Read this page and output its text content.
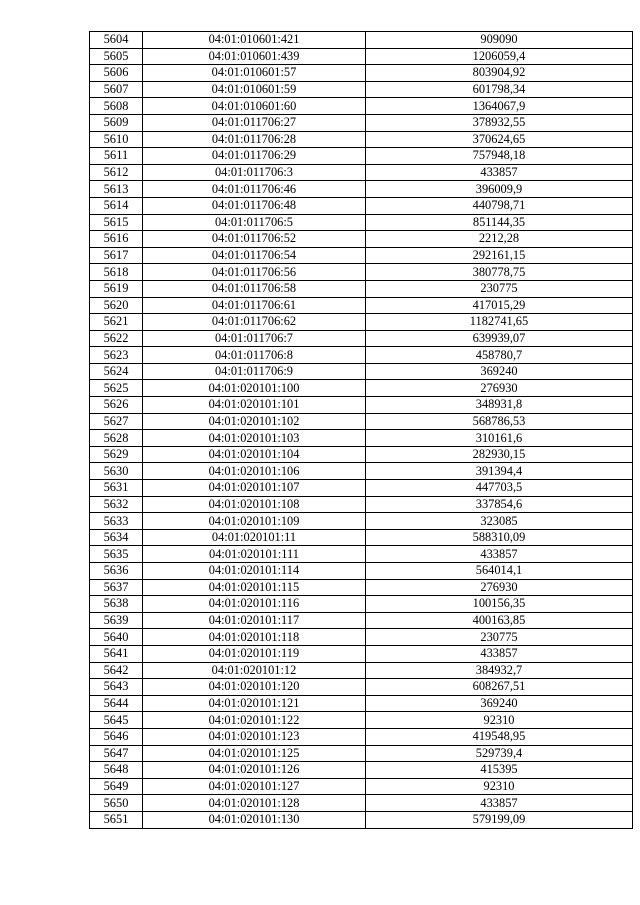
5604	04:01:010601:421	909090
5605	04:01:010601:439	1206059,4
5606	04:01:010601:57	803904,92
5607	04:01:010601:59	601798,34
5608	04:01:010601:60	1364067,9
5609	04:01:011706:27	378932,55
5610	04:01:011706:28	370624,65
5611	04:01:011706:29	757948,18
5612	04:01:011706:3	433857
5613	04:01:011706:46	396009,9
5614	04:01:011706:48	440798,71
5615	04:01:011706:5	851144,35
5616	04:01:011706:52	2212,28
5617	04:01:011706:54	292161,15
5618	04:01:011706:56	380778,75
5619	04:01:011706:58	230775
5620	04:01:011706:61	417015,29
5621	04:01:011706:62	1182741,65
5622	04:01:011706:7	639939,07
5623	04:01:011706:8	458780,7
5624	04:01:011706:9	369240
5625	04:01:020101:100	276930
5626	04:01:020101:101	348931,8
5627	04:01:020101:102	568786,53
5628	04:01:020101:103	310161,6
5629	04:01:020101:104	282930,15
5630	04:01:020101:106	391394,4
5631	04:01:020101:107	447703,5
5632	04:01:020101:108	337854,6
5633	04:01:020101:109	323085
5634	04:01:020101:11	588310,09
5635	04:01:020101:111	433857
5636	04:01:020101:114	564014,1
5637	04:01:020101:115	276930
5638	04:01:020101:116	100156,35
5639	04:01:020101:117	400163,85
5640	04:01:020101:118	230775
5641	04:01:020101:119	433857
5642	04:01:020101:12	384932,7
5643	04:01:020101:120	608267,51
5644	04:01:020101:121	369240
5645	04:01:020101:122	92310
5646	04:01:020101:123	419548,95
5647	04:01:020101:125	529739,4
5648	04:01:020101:126	415395
5649	04:01:020101:127	92310
5650	04:01:020101:128	433857
5651	04:01:020101:130	579199,09
